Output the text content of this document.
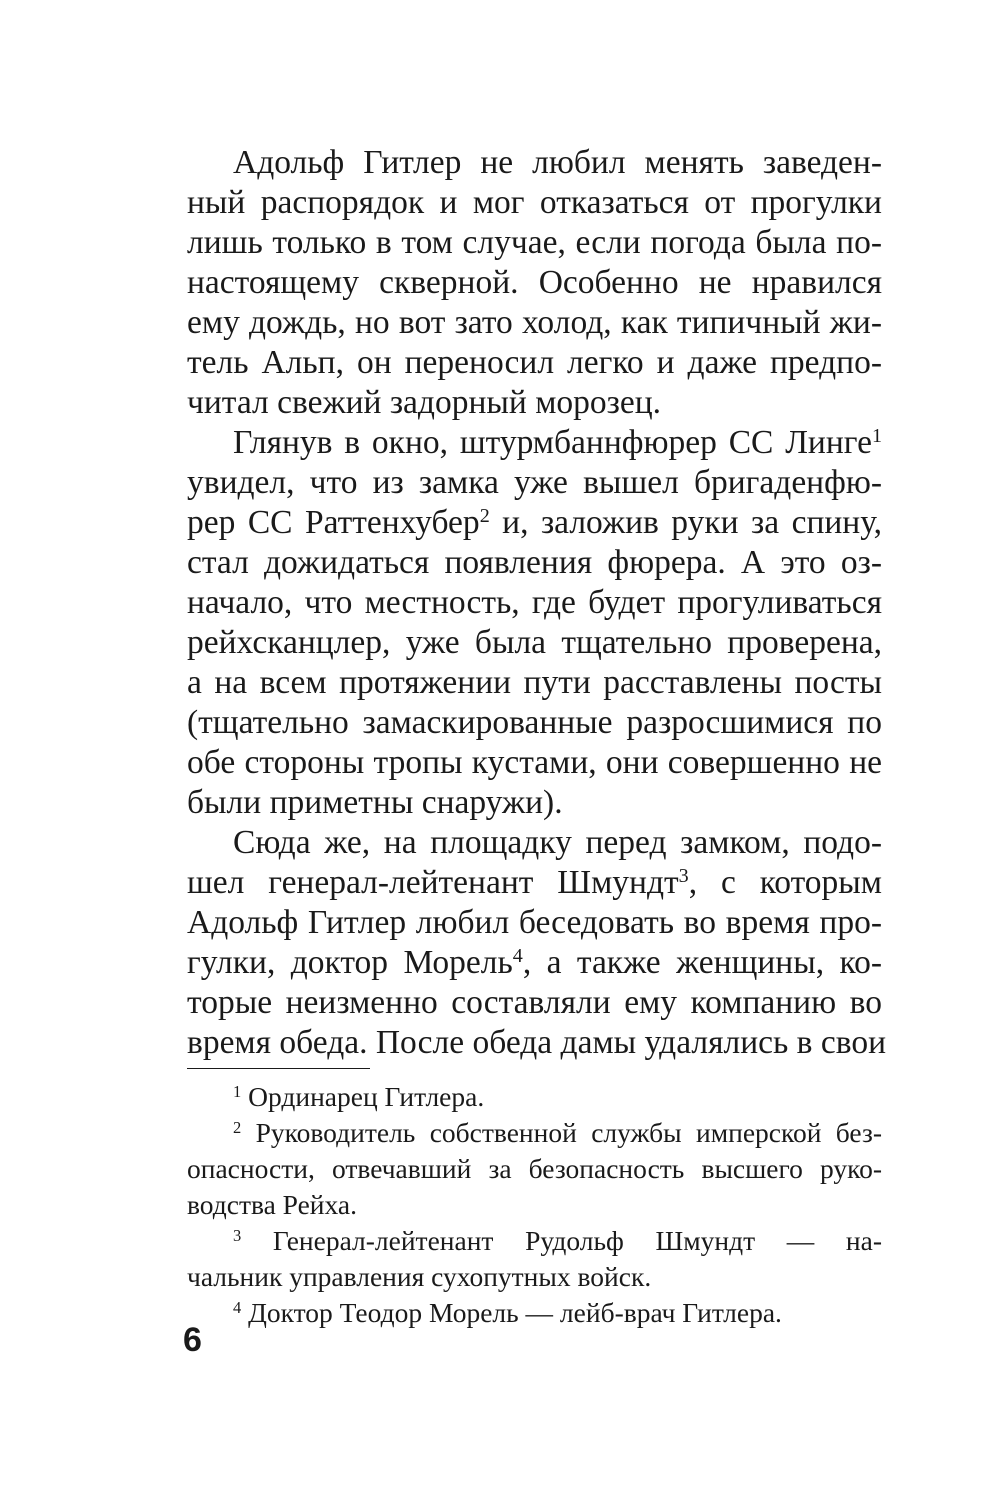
Адольф Гитлер не любил менять заведен-

ный распорядок и мог отказаться от прогулки

лишь только в том случае, если погода была по-

настоящему скверной. Особенно не нравился

ему дождь, но вот зато холод, как типичный жи-

тель Альп, он переносил легко и даже предпо-

читал свежий задорный морозец.

Глянув в окно, штурмбаннфюрер СС Линге$^1$

увидел, что из замка уже вышел бригаденфю-

рер СС Раттенхубер$^2$ и, заложив руки за спину,

стал дожидаться появления фюрера. А это оз-

начало, что местность, где будет прогуливаться

рейхсканцлер, уже была тщательно проверена,

а на всем протяжении пути расставлены посты

(тщательно замаскированные разросшимися по

обе стороны тропы кустами, они совершенно не

были приметны снаружи).

Сюда же, на площадку перед замком, подо-

шел генерал-лейтенант Шмундт$^3$, с которым

Адольф Гитлер любил беседовать во время про-

гулки, доктор Морель$^4$, а также женщины, ко-

торые неизменно составляли ему компанию во

время обеда. После обеда дамы удалялись в свои

$^1$ Ординарец Гитлера.

$^2$ Руководитель собственной службы имперской без-

опасности, отвечавший за безопасность высшего руко-

водства Рейха.

$^3$ Генерал-лейтенант Рудольф Шмундт — на-

чальник управления сухопутных войск.

$^4$ Доктор Теодор Морель — лейб-врач Гитлера.

6
